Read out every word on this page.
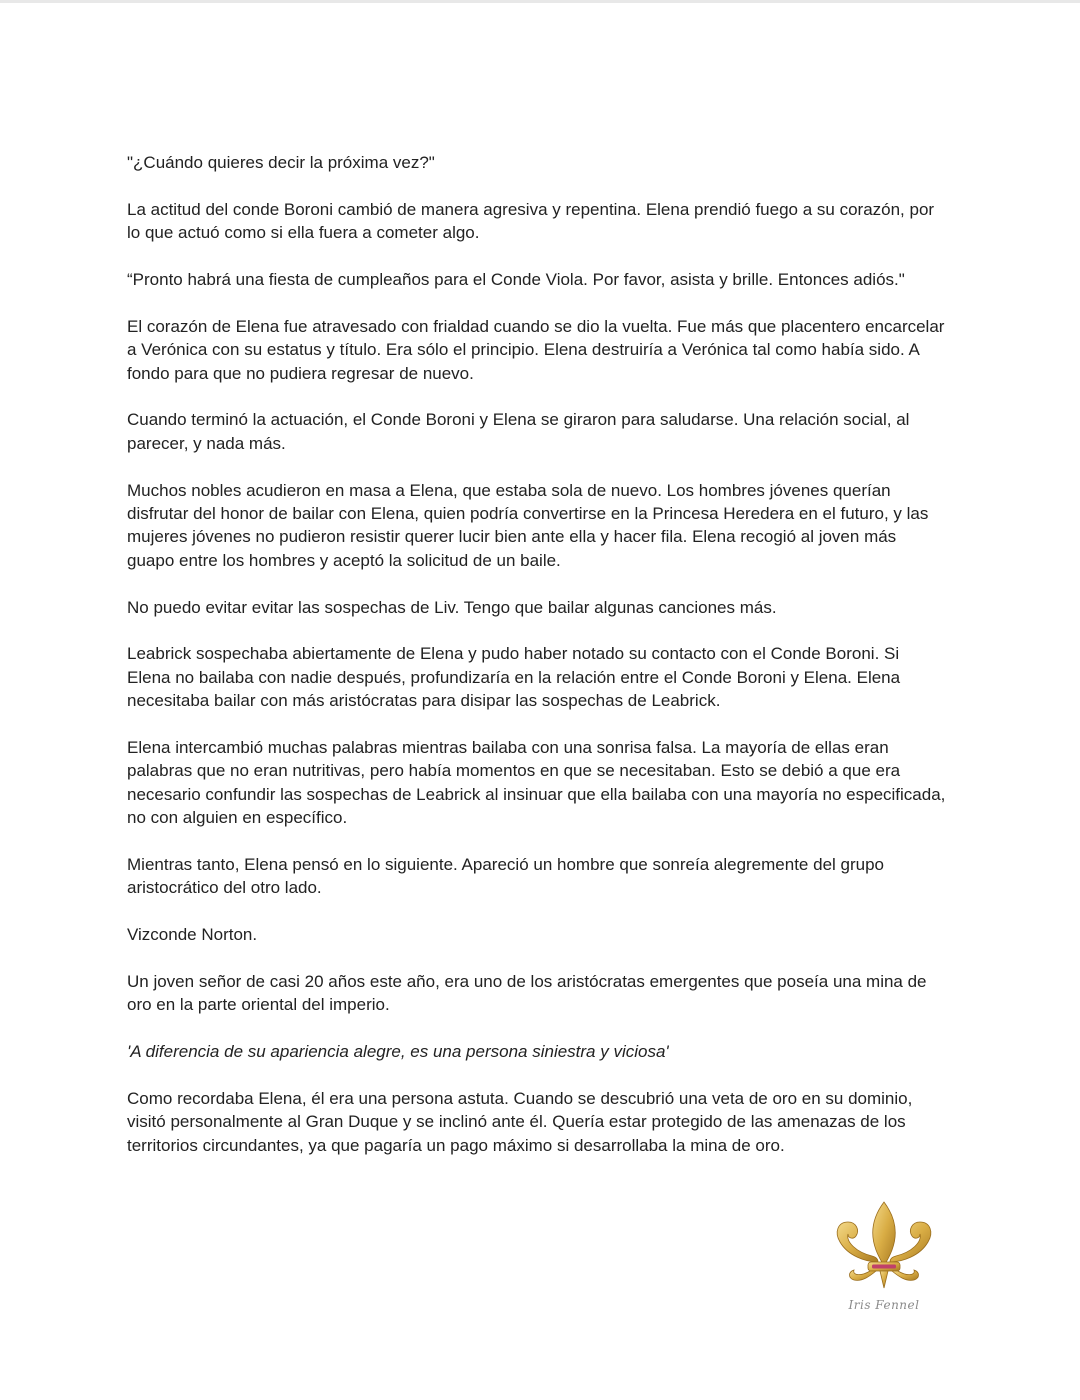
"¿Cuándo quieres decir la próxima vez?"

La actitud del conde Boroni cambió de manera agresiva y repentina. Elena prendió fuego a su corazón, por lo que actuó como si ella fuera a cometer algo.

“Pronto habrá una fiesta de cumpleaños para el Conde Viola. Por favor, asista y brille. Entonces adiós."

El corazón de Elena fue atravesado con frialdad cuando se dio la vuelta. Fue más que placentero encarcelar a Verónica con su estatus y título. Era sólo el principio. Elena destruiría a Verónica tal como había sido. A fondo para que no pudiera regresar de nuevo.

Cuando terminó la actuación, el Conde Boroni y Elena se giraron para saludarse. Una relación social, al parecer, y nada más.

Muchos nobles acudieron en masa a Elena, que estaba sola de nuevo. Los hombres jóvenes querían disfrutar del honor de bailar con Elena, quien podría convertirse en la Princesa Heredera en el futuro, y las mujeres jóvenes no pudieron resistir querer lucir bien ante ella y hacer fila. Elena recogió al joven más guapo entre los hombres y aceptó la solicitud de un baile.

No puedo evitar evitar las sospechas de Liv. Tengo que bailar algunas canciones más.

Leabrick sospechaba abiertamente de Elena y pudo haber notado su contacto con el Conde Boroni. Si Elena no bailaba con nadie después, profundizaría en la relación entre el Conde Boroni y Elena. Elena necesitaba bailar con más aristócratas para disipar las sospechas de Leabrick.

Elena intercambió muchas palabras mientras bailaba con una sonrisa falsa. La mayoría de ellas eran palabras que no eran nutritivas, pero había momentos en que se necesitaban. Esto se debió a que era necesario confundir las sospechas de Leabrick al insinuar que ella bailaba con una mayoría no especificada, no con alguien en específico.

Mientras tanto, Elena pensó en lo siguiente. Apareció un hombre que sonreía alegremente del grupo aristocrático del otro lado.

Vizconde Norton.

Un joven señor de casi 20 años este año, era uno de los aristócratas emergentes que poseía una mina de oro en la parte oriental del imperio.

'A diferencia de su apariencia alegre, es una persona siniestra y viciosa'

Como recordaba Elena, él era una persona astuta. Cuando se descubrió una veta de oro en su dominio, visitó personalmente al Gran Duque y se inclinó ante él. Quería estar protegido de las amenazas de los territorios circundantes, ya que pagaría un pago máximo si desarrollaba la mina de oro.

Iris Fennel
